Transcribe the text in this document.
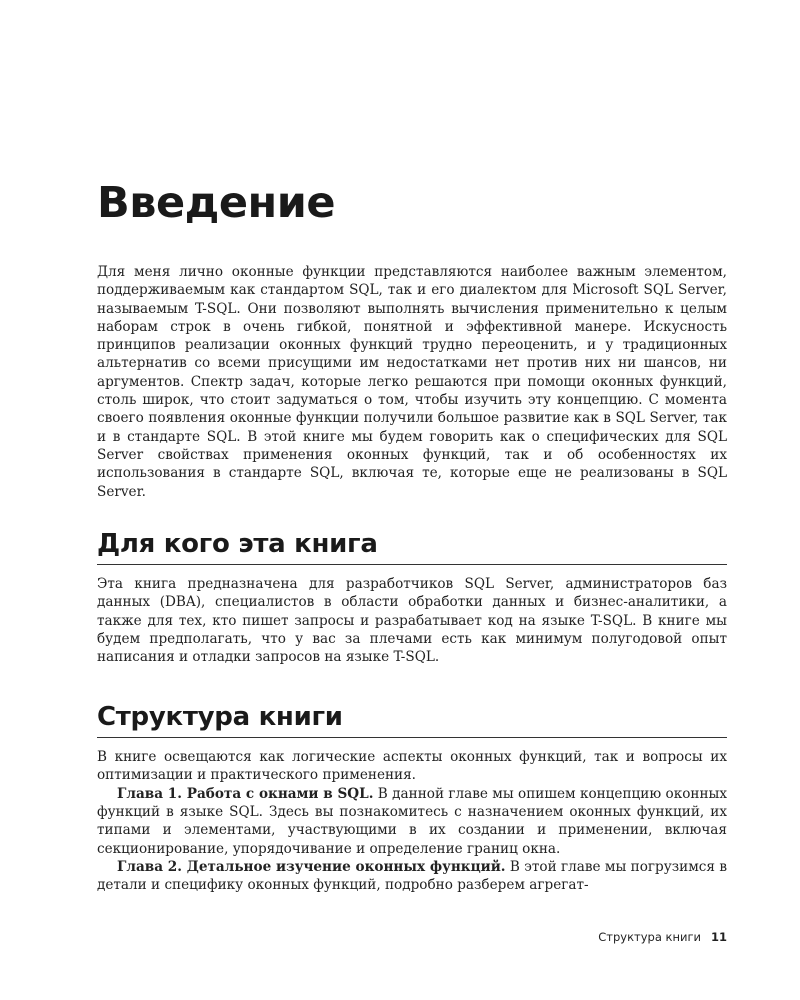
Введение

Для меня лично оконные функции представляются наиболее важным элементом, поддерживаемым как стандартом SQL, так и его диалектом для Microsoft SQL Server, называемым T-SQL. Они позволяют выполнять вычисления применительно к целым наборам строк в очень гибкой, понятной и эффективной манере. Искусность принципов реализации оконных функций трудно переоценить, и у традиционных альтернатив со всеми присущими им недостатками нет против них ни шансов, ни аргументов. Спектр задач, которые легко решаются при помощи оконных функций, столь широк, что стоит задуматься о том, чтобы изучить эту концепцию. С момента своего появления оконные функции получили большое развитие как в SQL Server, так и в стандарте SQL. В этой книге мы будем говорить как о специфических для SQL Server свойствах применения оконных функций, так и об особенностях их использования в стандарте SQL, включая те, которые еще не реализованы в SQL Server.

Для кого эта книга

Эта книга предназначена для разработчиков SQL Server, администраторов баз данных (DBA), специалистов в области обработки данных и бизнес-аналитики, а также для тех, кто пишет запросы и разрабатывает код на языке T-SQL. В книге мы будем предполагать, что у вас за плечами есть как минимум полугодовой опыт написания и отладки запросов на языке T-SQL.

Структура книги

В книге освещаются как логические аспекты оконных функций, так и вопросы их оптимизации и практического применения.

Глава 1. Работа с окнами в SQL. В данной главе мы опишем концепцию оконных функций в языке SQL. Здесь вы познакомитесь с назначением оконных функций, их типами и элементами, участвующими в их создании и применении, включая секционирование, упорядочивание и определение границ окна.

Глава 2. Детальное изучение оконных функций. В этой главе мы погрузимся в детали и специфику оконных функций, подробно разберем агрегат-

Структура книги 11
